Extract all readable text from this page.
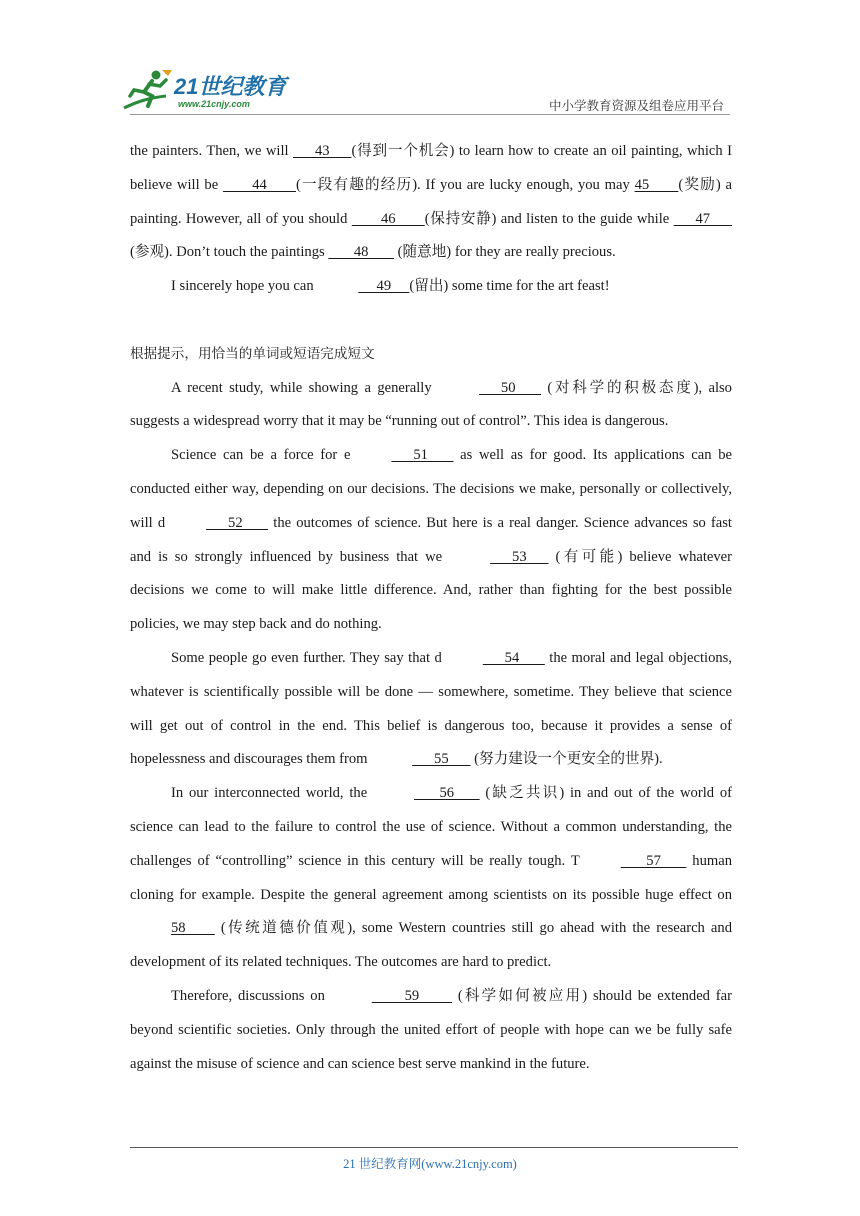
21世纪教育
www.21cnjy.com	中小学教育资源及组卷应用平台

the painters. Then, we will       43      (得到一个机会) to learn how to create an oil painting, which I believe will be         44        (一段有趣的经历). If you are lucky enough, you may 45        (奖励) a painting. However, all of you should         46        (保持安静) and listen to the guide while       47       (参观). Don’t touch the paintings        48        (随意地) for they are really precious.

I sincerely hope you can	49     (留出) some time for the art feast!

根据提示，用恰当的单词或短语完成短文

A recent study, while showing a generally	50        (对科学的积极态度), also suggests a widespread worry that it may be “running out of control”. This idea is dangerous.

Science can be a force for e	51        as well as for good. Its applications can be conducted either way, depending on our decisions. The decisions we make, personally or collectively, will d	52        the outcomes of science. But here is a real danger. Science advances so fast and is so strongly influenced by business that we	53       (有可能) believe whatever decisions we come to will make little difference. And, rather than fighting for the best possible policies, we may step back and do nothing.

Some people go even further. They say that d	54        the moral and legal objections, whatever is scientifically possible will be done — somewhere, sometime. They believe that science will get out of control in the end. This belief is dangerous too, because it provides a sense of hopelessness and discourages them from	55       (努力建设一个更安全的世界).

In our interconnected world, the	56        (缺乏共识) in and out of the world of science can lead to the failure to control the use of science. Without a common understanding, the challenges of “controlling” science in this century will be really tough. T	57        human cloning for example. Despite the general agreement among scientists on its possible huge effect on 58         (传统道德价值观), some Western countries still go ahead with the research and development of its related techniques. The outcomes are hard to predict.

Therefore, discussions on	59          (科学如何被应用) should be extended far beyond scientific societies. Only through the united effort of people with hope can we be fully safe against the misuse of science and can science best serve mankind in the future.

21 世纪教育网(www.21cnjy.com)
